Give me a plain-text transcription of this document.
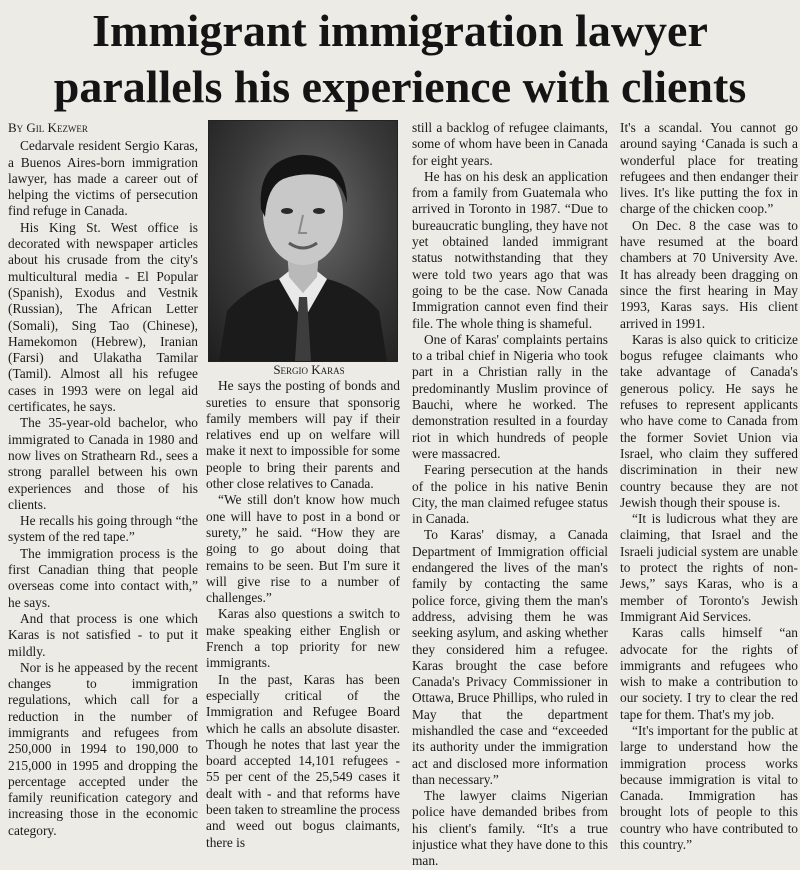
Immigrant immigration lawyer
parallels his experience with clients

By Gil Kezwer

Cedarvale resident Sergio Karas, a Buenos Aires-born immigration lawyer, has made a career out of helping the victims of persecution find refuge in Canada.

His King St. West office is decorated with newspaper articles about his crusade from the city's multicultural media - El Popular (Spanish), Exodus and Vestnik (Russian), The African Letter (Somali), Sing Tao (Chinese), Hamekomon (Hebrew), Iranian (Farsi) and Ulakatha Tamilar (Tamil). Almost all his refugee cases in 1993 were on legal aid certificates, he says.

The 35-year-old bachelor, who immigrated to Canada in 1980 and now lives on Strathearn Rd., sees a strong parallel between his own experiences and those of his clients.

He recalls his going through “the system of the red tape.”

The immigration process is the first Canadian thing that people overseas come into contact with,” he says.

And that process is one which Karas is not satisfied - to put it mildly.

Nor is he appeased by the recent changes to immigration regulations, which call for a reduction in the number of immigrants and refugees from 250,000 in 1994 to 190,000 to 215,000 in 1995 and dropping the percentage accepted under the family reunification category and increasing those in the economic category.

Sergio Karas

He says the posting of bonds and sureties to ensure that sponsorig family members will pay if their relatives end up on welfare will make it next to impossible for some people to bring their parents and other close relatives to Canada.

“We still don't know how much one will have to post in a bond or surety,” he said. “How they are going to go about doing that remains to be seen. But I'm sure it will give rise to a number of challenges.”

Karas also questions a switch to make speaking either English or French a top priority for new immigrants.

In the past, Karas has been especially critical of the Immigration and Refugee Board which he calls an absolute disaster. Though he notes that last year the board accepted 14,101 refugees - 55 per cent of the 25,549 cases it dealt with - and that reforms have been taken to streamline the process and weed out bogus claimants, there is

still a backlog of refugee claimants, some of whom have been in Canada for eight years.

He has on his desk an application from a family from Guatemala who arrived in Toronto in 1987. “Due to bureaucratic bungling, they have not yet obtained landed immigrant status notwithstanding that they were told two years ago that was going to be the case. Now Canada Immigration cannot even find their file. The whole thing is shameful.

One of Karas' complaints pertains to a tribal chief in Nigeria who took part in a Christian rally in the predominantly Muslim province of Bauchi, where he worked. The demonstration resulted in a fourday riot in which hundreds of people were massacred.

Fearing persecution at the hands of the police in his native Benin City, the man claimed refugee status in Canada.

To Karas' dismay, a Canada Department of Immigration official endangered the lives of the man's family by contacting the same police force, giving them the man's address, advising them he was seeking asylum, and asking whether they considered him a refugee. Karas brought the case before Canada's Privacy Commissioner in Ottawa, Bruce Phillips, who ruled in May that the department mishandled the case and “exceeded its authority under the immigration act and disclosed more information than necessary.”

The lawyer claims Nigerian police have demanded bribes from his client's family. “It's a true injustice what they have done to this man.

It's a scandal. You cannot go around saying ‘Canada is such a wonderful place for treating refugees and then endanger their lives. It's like putting the fox in charge of the chicken coop.”

On Dec. 8 the case was to have resumed at the board chambers at 70 University Ave. It has already been dragging on since the first hearing in May 1993, Karas says. His client arrived in 1991.

Karas is also quick to criticize bogus refugee claimants who take advantage of Canada's generous policy. He says he refuses to represent applicants who have come to Canada from the former Soviet Union via Israel, who claim they suffered discrimination in their new country because they are not Jewish though their spouse is.

“It is ludicrous what they are claiming, that Israel and the Israeli judicial system are unable to protect the rights of non-Jews,” says Karas, who is a member of Toronto's Jewish Immigrant Aid Services.

Karas calls himself “an advocate for the rights of immigrants and refugees who wish to make a contribution to our society. I try to clear the red tape for them. That's my job.

“It's important for the public at large to understand how the immigration process works because immigration is vital to Canada. Immigration has brought lots of people to this country who have contributed to this country.”
